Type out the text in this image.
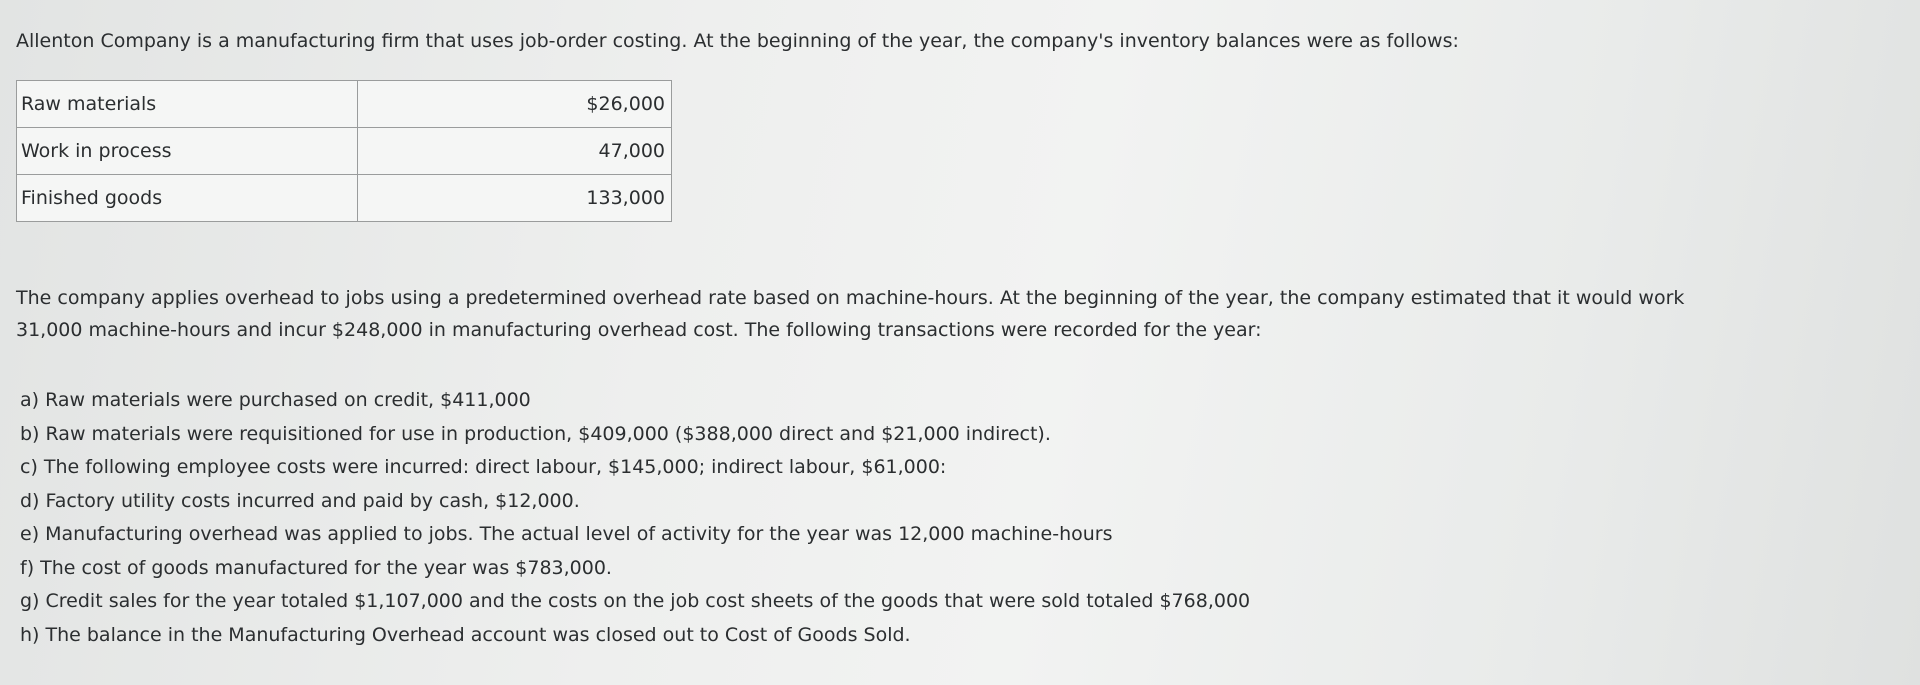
Allenton Company is a manufacturing firm that uses job-order costing. At the beginning of the year, the company's inventory balances were as follows:
Raw materials	$26,000
Work in process	47,000
Finished goods	133,000

The company applies overhead to jobs using a predetermined overhead rate based on machine-hours. At the beginning of the year, the company estimated that it would work

31,000 machine-hours and incur $248,000 in manufacturing overhead cost. The following transactions were recorded for the year:

a) Raw materials were purchased on credit, $411,000
b) Raw materials were requisitioned for use in production, $409,000 ($388,000 direct and $21,000 indirect).
c) The following employee costs were incurred: direct labour, $145,000; indirect labour, $61,000:
d) Factory utility costs incurred and paid by cash, $12,000.
e) Manufacturing overhead was applied to jobs. The actual level of activity for the year was 12,000 machine-hours
f) The cost of goods manufactured for the year was $783,000.
g) Credit sales for the year totaled $1,107,000 and the costs on the job cost sheets of the goods that were sold totaled $768,000
h) The balance in the Manufacturing Overhead account was closed out to Cost of Goods Sold.
